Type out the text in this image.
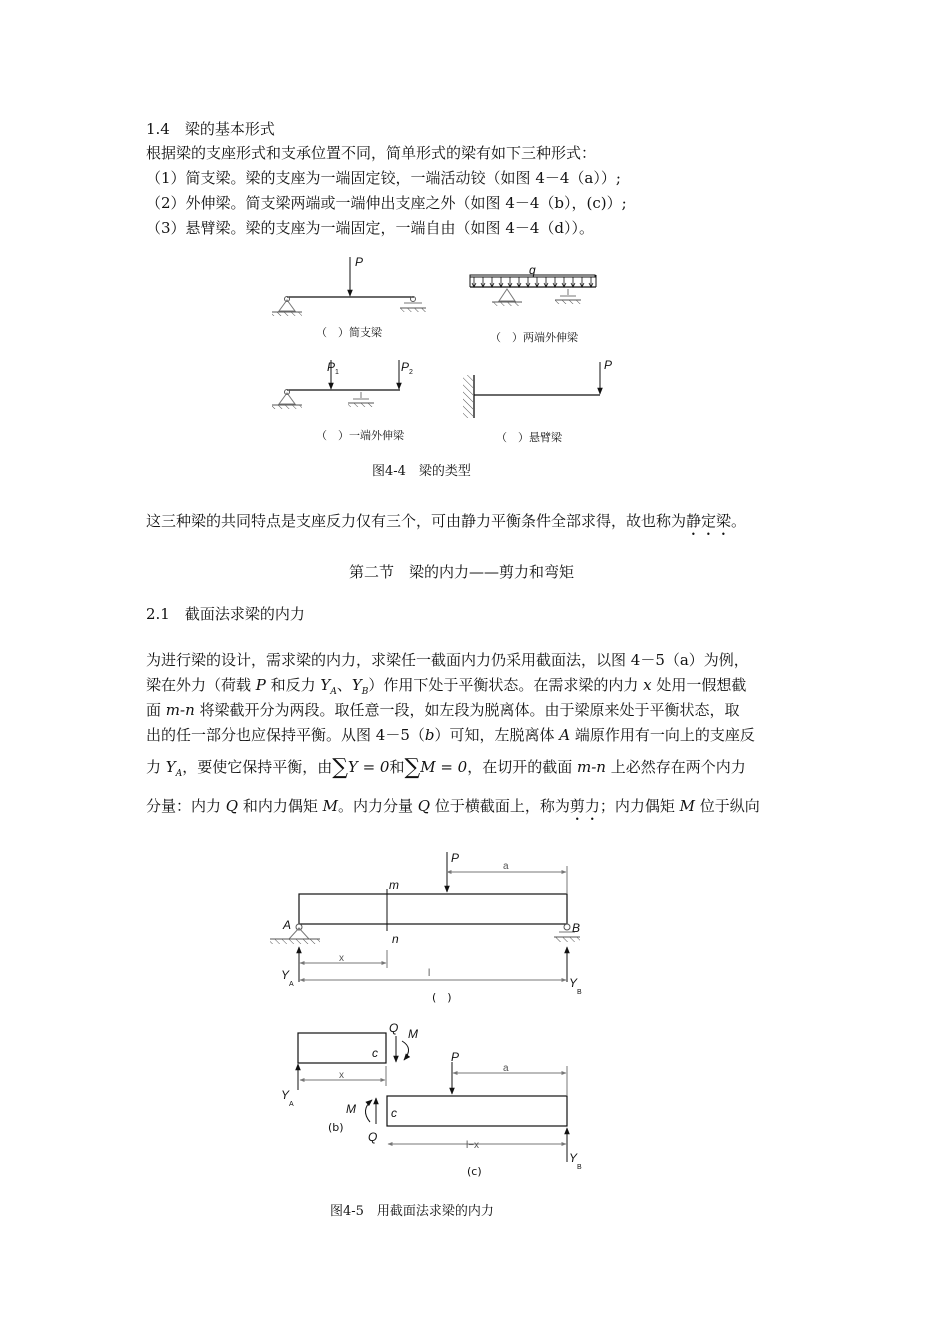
1.4　梁的基本形式
根据梁的支座形式和支承位置不同，简单形式的梁有如下三种形式：
（1）简支梁。梁的支座为一端固定铰，一端活动铰（如图 4－4（a））;
（2）外伸梁。简支梁两端或一端伸出支座之外（如图 4－4（b），(c)）;
（3）悬臂梁。梁的支座为一端固定，一端自由（如图 4－4（d））。
P
q
P 1	P 2
P
（　）简支梁	（　）两端外伸梁
（　）一端外伸梁	（　）悬臂梁
图4-4　梁的类型
这三种梁的共同特点是支座反力仅有三个，可由静力平衡条件全部求得，故也称为静定梁。
第二节　梁的内力——剪力和弯矩
2.1　截面法求梁的内力
为进行梁的设计，需求梁的内力，求梁任一截面内力仍采用截面法，以图 4－5（a）为例，
梁在外力（荷载 P 和反力 $Y_A$、$Y_B$）作用下处于平衡状态。在需求梁的内力 x 处用一假想截
面 m-n 将梁截开分为两段。取任意一段，如左段为脱离体。由于梁原来处于平衡状态，取
出的任一部分也应保持平衡。从图 4－5（b）可知，左脱离体 A 端原作用有一向上的支座反
力 $Y_A$，要使它保持平衡，由∑Y = 0和∑M = 0，在切开的截面 m-n 上必然存在两个内力
分量：内力 Q 和内力偶矩 M。内力分量 Q 位于横截面上，称为剪力；内力偶矩 M 位于纵向
P
a
m
n
A	B
Y
A	Y
B
x
l
(　)
Q M
c
x
Y
A
(b)
P
a
M	c
Q
l−x
Y
B
(c)
图4-5　用截面法求梁的内力
